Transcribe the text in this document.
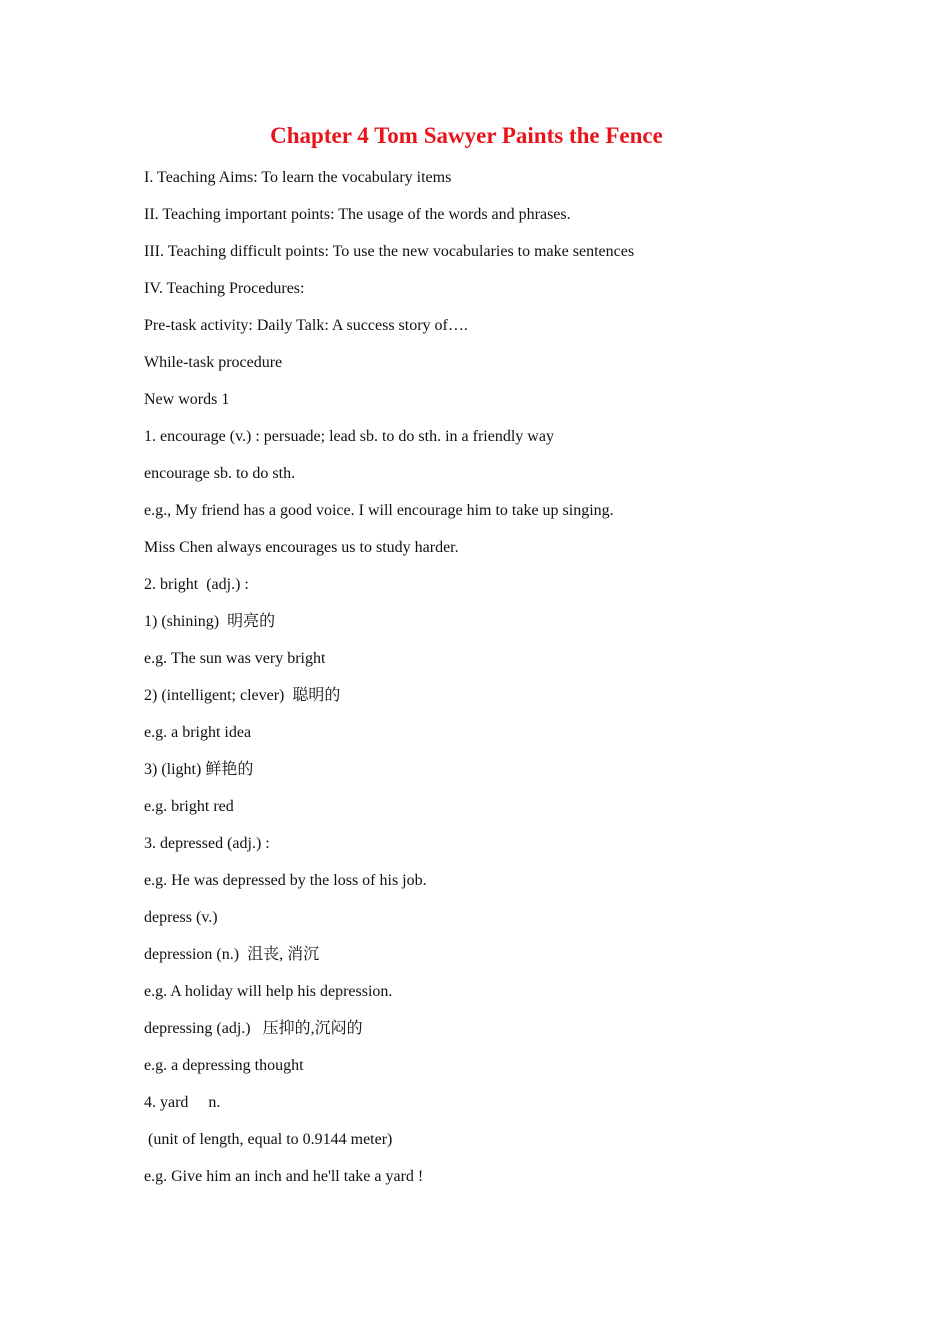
Chapter 4 Tom Sawyer Paints the Fence
I. Teaching Aims: To learn the vocabulary items
II. Teaching important points: The usage of the words and phrases.
III. Teaching difficult points: To use the new vocabularies to make sentences
IV. Teaching Procedures:
Pre-task activity: Daily Talk: A success story of….
While-task procedure
New words 1
1. encourage (v.) : persuade; lead sb. to do sth. in a friendly way
encourage sb. to do sth.
e.g., My friend has a good voice. I will encourage him to take up singing.
Miss Chen always encourages us to study harder.
2. bright  (adj.) :
1) (shining)  明亮的
e.g. The sun was very bright
2) (intelligent; clever)  聪明的
e.g. a bright idea
3) (light) 鲜艳的
e.g. bright red
3. depressed (adj.) :
e.g. He was depressed by the loss of his job.
depress (v.)
depression (n.)  沮丧, 消沉
e.g. A holiday will help his depression.
depressing (adj.)   压抑的,沉闷的
e.g. a depressing thought
4. yard     n.
(unit of length, equal to 0.9144 meter)
e.g. Give him an inch and he'll take a yard !
